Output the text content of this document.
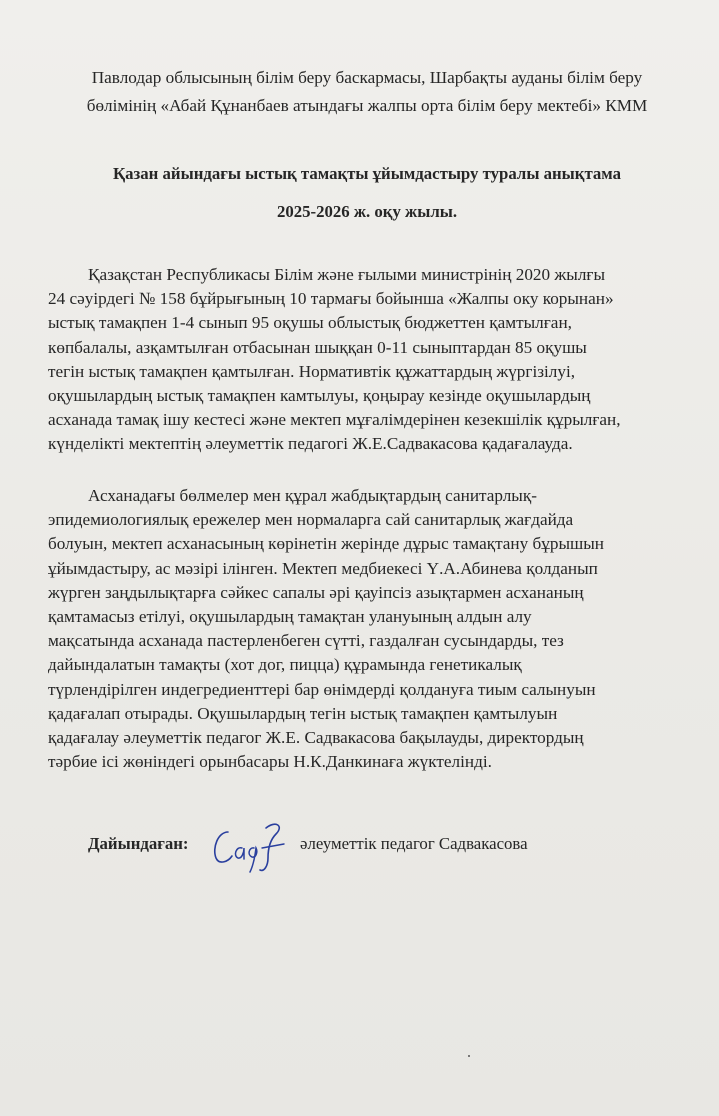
Павлодар облысының білім беру баскармасы, Шарбақты ауданы білім беру
бөлімінің «Абай Құнанбаев атындағы жалпы орта білім беру мектебі» КММ
Қазан айындағы ыстық тамақты ұйымдастыру туралы анықтама
2025-2026 ж. оқу жылы.
Қазақстан Республикасы Білім және ғылыми министрінің 2020 жылғы
24 сәуірдегі № 158 бұйрығының 10 тармағы бойынша «Жалпы оку корынан»
ыстық тамақпен 1-4 сынып 95 оқушы облыстық бюджеттен қамтылған,
көпбалалы, азқамтылған отбасынан шыққан 0-11 сыныптардан 85 оқушы
тегін ыстық тамақпен қамтылған. Нормативтік құжаттардың жүргізілуі,
оқушылардың ыстық тамақпен камтылуы, қоңырау кезінде оқушылардың
асханада тамақ ішу кестесі және мектеп мұғалімдерінен кезекшілік құрылған,
күнделікті мектептің әлеуметтік педагогі Ж.Е.Садвакасова қадағалауда.
Асханадағы бөлмелер мен құрал жабдықтардың санитарлық-
эпидемиологиялық ережелер мен нормаларга сай санитарлық жағдайда
болуын, мектеп асханасының көрінетін жерінде дұрыс тамақтану бұрышын
ұйымдастыру, ас мәзірі ілінген. Мектеп медбиекесі Ү.А.Абинева қолданып
жүрген заңдылықтарға сәйкес сапалы әрі қауіпсіз азықтармен асхананың
қамтамасыз етілуі, оқушылардың тамақтан улануының алдын алу
мақсатында асханада пастерленбеген сүтті, газдалған сусындарды, тез
дайындалатын тамақты (хот дог, пицца) құрамында генетикалық
түрлендірілген индегредиенттері бар өнімдерді қолдануға тиым салынуын
қадағалап отырады. Оқушылардың тегін ыстық тамақпен қамтылуын
қадағалау әлеуметтік педагог Ж.Е. Садвакасова бақылауды, директордың
тәрбие ісі жөніндегі орынбасары Н.К.Данкинаға жүктелінді.
Дайындаған:	әлеуметтік педагог Садвакасова
